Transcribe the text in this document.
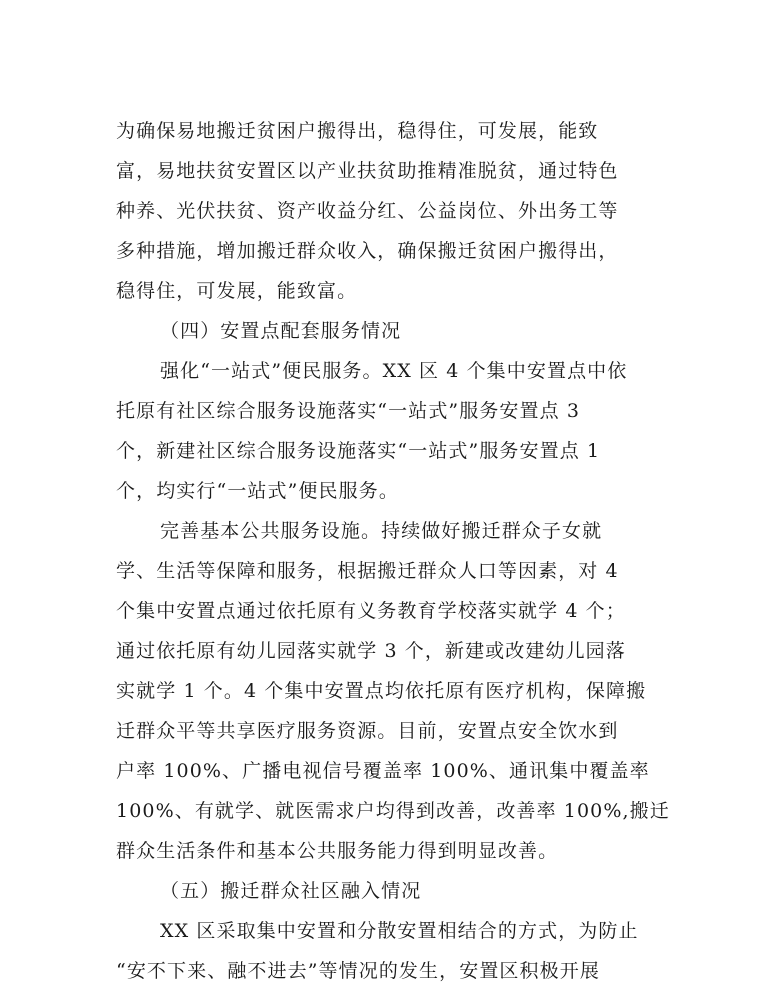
为确保易地搬迁贫困户搬得出，稳得住，可发展，能致
富，易地扶贫安置区以产业扶贫助推精准脱贫，通过特色
种养、光伏扶贫、资产收益分红、公益岗位、外出务工等
多种措施，增加搬迁群众收入，确保搬迁贫困户搬得出，
稳得住，可发展，能致富。
（四）安置点配套服务情况
强化“一站式”便民服务。XX 区 4 个集中安置点中依
托原有社区综合服务设施落实“一站式”服务安置点 3
个，新建社区综合服务设施落实“一站式”服务安置点 1
个，均实行“一站式”便民服务。
完善基本公共服务设施。持续做好搬迁群众子女就
学、生活等保障和服务，根据搬迁群众人口等因素，对 4
个集中安置点通过依托原有义务教育学校落实就学 4 个；
通过依托原有幼儿园落实就学 3 个，新建或改建幼儿园落
实就学 1 个。4 个集中安置点均依托原有医疗机构，保障搬
迁群众平等共享医疗服务资源。目前，安置点安全饮水到
户率 100%、广播电视信号覆盖率 100%、通讯集中覆盖率
100%、有就学、就医需求户均得到改善，改善率 100%,搬迁
群众生活条件和基本公共服务能力得到明显改善。
（五）搬迁群众社区融入情况
XX 区采取集中安置和分散安置相结合的方式，为防止
“安不下来、融不进去”等情况的发生，安置区积极开展
